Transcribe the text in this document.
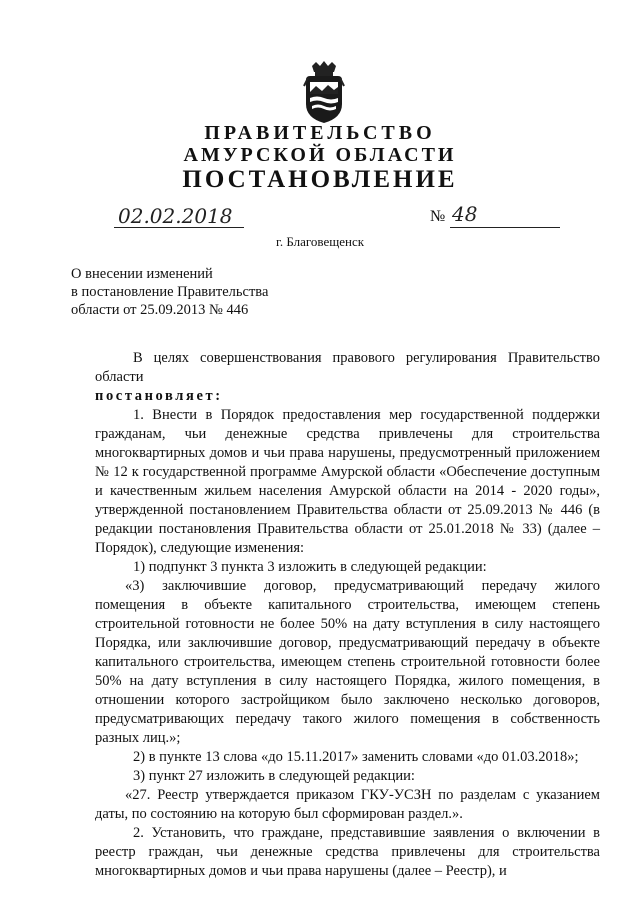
ПРАВИТЕЛЬСТВО
АМУРСКОЙ ОБЛАСТИ
ПОСТАНОВЛЕНИЕ
02.02.2018	№ 48
г. Благовещенск
О внесении изменений
в постановление Правительства
области от 25.09.2013 № 446

В целях совершенствования правового регулирования Правительство области

постановляет:

1. Внести в Порядок предоставления мер государственной поддержки гражданам, чьи денежные средства привлечены для строительства многоквартирных домов и чьи права нарушены, предусмотренный приложением № 12 к государственной программе Амурской области «Обеспечение доступным и качественным жильем населения Амурской области на 2014 - 2020 годы», утвержденной постановлением Правительства области от 25.09.2013 № 446 (в редакции постановления Правительства области от 25.01.2018 № 33) (далее – Порядок), следующие изменения:

1) подпункт 3 пункта 3 изложить в следующей редакции:

«3) заключившие договор, предусматривающий передачу жилого помещения в объекте капитального строительства, имеющем степень строительной готовности не более 50% на дату вступления в силу настоящего Порядка, или заключившие договор, предусматривающий передачу в объекте капитального строительства, имеющем степень строительной готовности более 50% на дату вступления в силу настоящего Порядка, жилого помещения, в отношении которого застройщиком было заключено несколько договоров, предусматривающих передачу такого жилого помещения в собственность разных лиц.»;

2) в пункте 13 слова «до 15.11.2017» заменить словами «до 01.03.2018»;

3) пункт 27 изложить в следующей редакции:

«27. Реестр утверждается приказом ГКУ-УСЗН по разделам с указанием даты, по состоянию на которую был сформирован раздел.».

2. Установить, что граждане, представившие заявления о включении в реестр граждан, чьи денежные средства привлечены для строительства многоквартирных домов и чьи права нарушены (далее – Реестр), и
